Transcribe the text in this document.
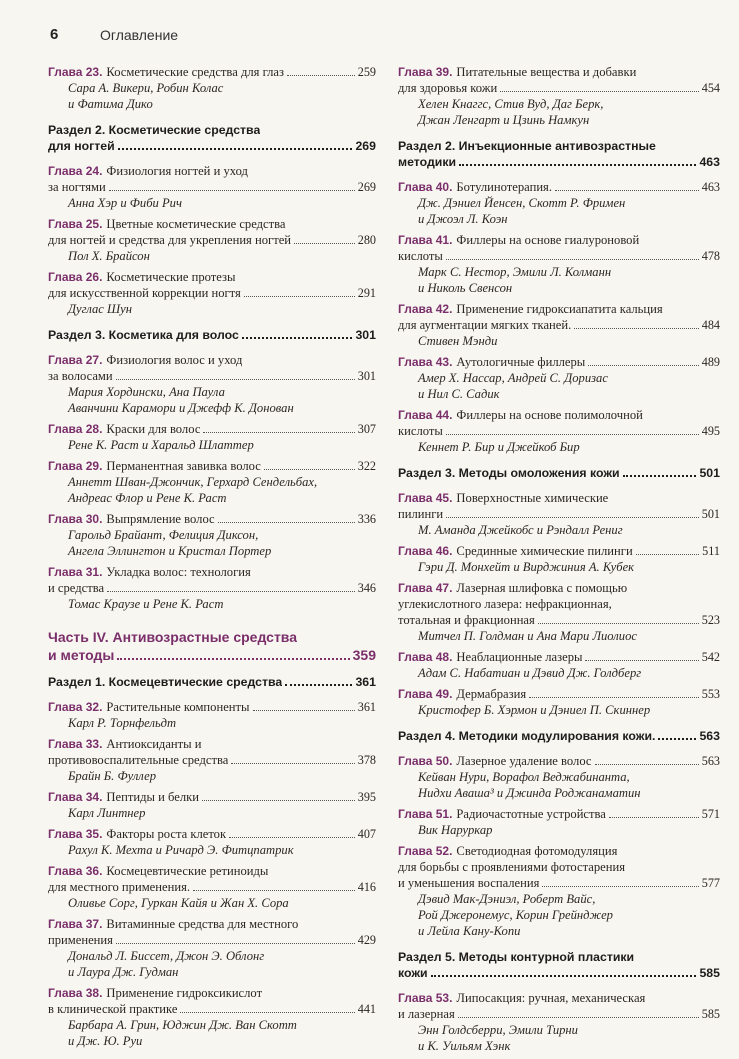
6	Оглавление
Глава 23. Косметические средства для глаз	259
Сара А. Викери, Робин Колас
и Фатима Дико
Раздел 2. Косметические средства
для ногтей	269
Глава 24. Физиология ногтей и уход
за ногтями	269
Анна Хэр и Фиби Рич
Глава 25. Цветные косметические средства
для ногтей и средства для укрепления ногтей	280
Пол Х. Брайсон
Глава 26. Косметические протезы
для искусственной коррекции ногтя	291
Дуглас Шун
Раздел 3. Косметика для волос	301
Глава 27. Физиология волос и уход
за волосами	301
Мария Хордински, Ана Паула
Аванчини Карамори и Джефф К. Донован
Глава 28. Краски для волос	307
Рене К. Раст и Харальд Шлаттер
Глава 29. Перманентная завивка волос	322
Аннетт Шван-Джончик, Герхард Сендельбах,
Андреас Флор и Рене К. Раст
Глава 30. Выпрямление волос	336
Гарольд Брайант, Фелиция Диксон,
Ангела Эллингтон и Кристал Портер
Глава 31. Укладка волос: технология
и средства	346
Томас Краузе и Рене К. Раст
Часть IV. Антивозрастные средства
и методы	359
Раздел 1. Космецевтические средства	361
Глава 32. Растительные компоненты	361
Карл Р. Торнфельдт
Глава 33. Антиоксиданты и
противовоспалительные средства	378
Брайн Б. Фуллер
Глава 34. Пептиды и белки	395
Карл Линтнер
Глава 35. Факторы роста клеток	407
Рахул К. Мехта и Ричард Э. Фитцпатрик
Глава 36. Космецевтические ретиноиды
для местного применения.	416
Оливье Сорг, Гуркан Кайя и Жан Х. Сора
Глава 37. Витаминные средства для местного
применения	429
Дональд Л. Биссет, Джон Э. Облонг
и Лаура Дж. Гудман
Глава 38. Применение гидроксикислот
в клинической практике	441
Барбара А. Грин, Юджин Дж. Ван Скотт
и Дж. Ю. Руи
Глава 39. Питательные вещества и добавки
для здоровья кожи	454
Хелен Кнаггс, Стив Вуд, Даг Берк,
Джан Ленгарт и Цзинь Намкун
Раздел 2. Инъекционные антивозрастные
методики	463
Глава 40. Ботулинотерапия.	463
Дж. Дэниел Йенсен, Скотт Р. Фримен
и Джоэл Л. Коэн
Глава 41. Филлеры на основе гиалуроновой
кислоты	478
Марк С. Нестор, Эмили Л. Колманн
и Николь Свенсон
Глава 42. Применение гидроксиапатита кальция
для аугментации мягких тканей.	484
Стивен Мэнди
Глава 43. Аутологичные филлеры	489
Амер Х. Нассар, Андрей С. Доризас
и Нил С. Садик
Глава 44. Филлеры на основе полимолочной
кислоты	495
Кеннет Р. Бир и Джейкоб Бир
Раздел 3. Методы омоложения кожи	501
Глава 45. Поверхностные химические
пилинги	501
М. Аманда Джейкобс и Рэндалл Рениг
Глава 46. Срединные химические пилинги	511
Гэри Д. Монхейт и Вирджиния А. Кубек
Глава 47. Лазерная шлифовка с помощью
углекислотного лазера: нефракционная,
тотальная и фракционная	523
Митчел П. Голдман и Ана Мари Лиолиос
Глава 48. Неаблационные лазеры	542
Адам С. Набатиан и Дэвид Дж. Голдберг
Глава 49. Дермабразия	553
Кристофер Б. Хэрмон и Дэниел П. Скиннер
Раздел 4. Методики модулирования кожи.	563
Глава 50. Лазерное удаление волос	563
Кейван Нури, Ворафол Веджабинанта,
Нидхи Аваша³ и Джинда Роджанаматин
Глава 51. Радиочастотные устройства	571
Вик Наруркар
Глава 52. Светодиодная фотомодуляция
для борьбы с проявлениями фотостарения
и уменьшения воспаления	577
Дэвид Мак-Дэниэл, Роберт Вайс,
Рой Джеронемус, Корин Грейнджер
и Лейла Кану-Копи
Раздел 5. Методы контурной пластики
кожи	585
Глава 53. Липосакция: ручная, механическая
и лазерная	585
Энн Голдсберри, Эмили Тирни
и К. Уильям Хэнк
